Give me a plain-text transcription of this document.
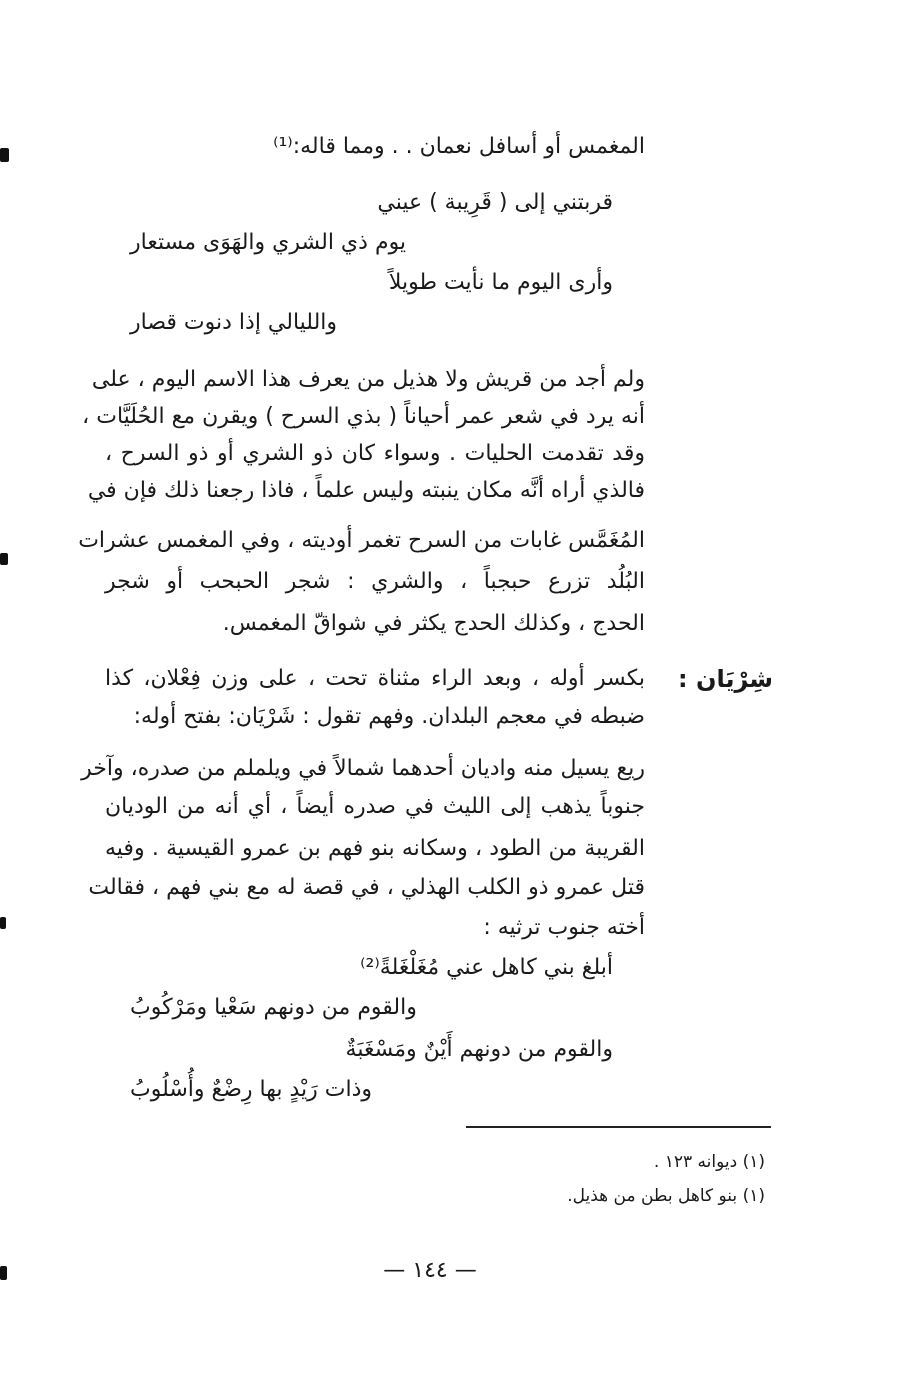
المغمس أو أسافل نعمان . . ومما قاله:⁽¹⁾
قربتني إلى ( قَرِيبة ) عيني
يوم ذي الشري والهَوَى مستعار
وأرى اليوم ما نأيت طويلاً
والليالي إذا دنوت قصار
ولم أجد من قريش ولا هذيل من يعرف هذا الاسم اليوم ، على
أنه يرد في شعر عمر أحياناً ( بذي السرح ) ويقرن مع الحُلَيَّات ،
وقد تقدمت الحليات . وسواء كان ذو الشري أو ذو السرح ،
فالذي أراه أنَّه مكان ينبته وليس علماً ، فاذا رجعنا ذلك فإن في
المُغَمَّس غابات من السرح تغمر أوديته ، وفي المغمس عشرات
البُلُد تزرع حبجباً ، والشري : شجر الحبحب أو شجر
الحدج ، وكذلك الحدج يكثر في شواقّ المغمس.
شِرْيَان :
بكسر أوله ، وبعد الراء مثناة تحت ، على وزن فِعْلان، كذا
ضبطه في معجم البلدان. وفهم تقول : شَرْيَان: بفتح أوله:
ريع يسيل منه واديان أحدهما شمالاً في ويلملم من صدره، وآخر
جنوباً يذهب إلى الليث في صدره أيضاً ، أي أنه من الوديان
القريبة من الطود ، وسكانه بنو فهم بن عمرو القيسية . وفيه
قتل عمرو ذو الكلب الهذلي ، في قصة له مع بني فهم ، فقالت
أخته جنوب ترثيه :
أبلغ بني كاهل عني مُغَلْغَلةً⁽²⁾
والقوم من دونهم سَعْيا ومَرْكُوبُ
والقوم من دونهم أَيْنٌ ومَسْغَبَةٌ
وذات رَيْدٍ بها رِضْعٌ وأُسْلُوبُ
(١) ديوانه ١٢٣ .
(١) بنو كاهل بطن من هذيل.
— ١٤٤ —
